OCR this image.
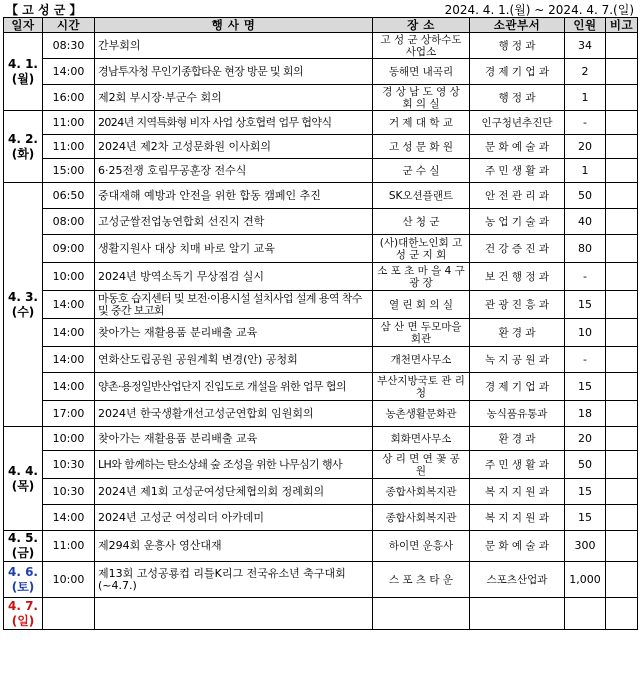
【 고 성 군 】	2024. 4. 1.(월) ~ 2024. 4. 7.(일)
일자	시간	행 사 명	장 소	소관부서	인원	비고

4. 1.
(월)	08:30	간부회의	고 성 군 상하수도사업소	행 정 과	34	
	14:00	경남투자청 무인기종합타운 현장 방문 및 회의	동해면 내곡리	경 제 기 업 과	2	
	16:00	제2회 부시장·부군수 회의	경 상 남 도 영 상 회 의 실	행 정 과	1	

4. 2.
(화)	11:00	2024년 지역특화형 비자 사업 상호협력 업무 협약식	거 제 대 학 교	인구청년추진단	-	
	11:00	2024년 제2차 고성문화원 이사회의	고 성 문 화 원	문 화 예 술 과	20	
	15:00	6·25전쟁 호림무공훈장 전수식	군 수 실	주 민 생 활 과	1	

4. 3.
(수)	06:50	중대재해 예방과 안전을 위한 합동 캠페인 추진	SK오션플랜트	안 전 관 리 과	50	
	08:00	고성군쌀전업농연합회 선진지 견학	산 청 군	농 업 기 술 과	40	
	09:00	생활지원사 대상 치매 바로 알기 교육	(사)대한노인회 고 성 군 지 회	건 강 증 진 과	80	
	10:00	2024년 방역소독기 무상점검 실시	소 포 초 마 을 4 구 광 장	보 건 행 정 과	-	
	14:00	마동호 습지센터 및 보전·이용시설 설치사업 설계 용역 착수 및 중간 보고회	열 린 회 의 실	관 광 진 흥 과	15	
	14:00	찾아가는 재활용품 분리배출 교육	삼 산 면 두모마을회관	환 경 과	10	
	14:00	연화산도립공원 공원계획 변경(안) 공청회	개천면사무소	녹 지 공 원 과	-	
	14:00	양촌·용정일반산업단지 진입도로 개설을 위한 업무 협의	부산지방국토 관 리 청	경 제 기 업 과	15	
	17:00	2024년 한국생활개선고성군연합회 임원회의	농촌생활문화관	농식품유통과	18	

4. 4.
(목)	10:00	찾아가는 재활용품 분리배출 교육	회화면사무소	환 경 과	20	
	10:30	LH와 함께하는 탄소상쇄 숲 조성을 위한 나무심기 행사	상 리 면 연 꽃 공 원	주 민 생 활 과	50	
	10:30	2024년 제1회 고성군여성단체협의회 정례회의	종합사회복지관	복 지 지 원 과	15	
	14:00	2024년 고성군 여성리더 아카데미	종합사회복지관	복 지 지 원 과	15	

4. 5.
(금)	11:00	제294회 운흥사 영산대재	하이면 운흥사	문 화 예 술 과	300	

4. 6.
(토)	10:00	제13회 고성공룡컵 리틀K리그 전국유소년 축구대회(~4.7.)	스 포 츠 타 운	스포츠산업과	1,000	

4. 7.
(일)						
